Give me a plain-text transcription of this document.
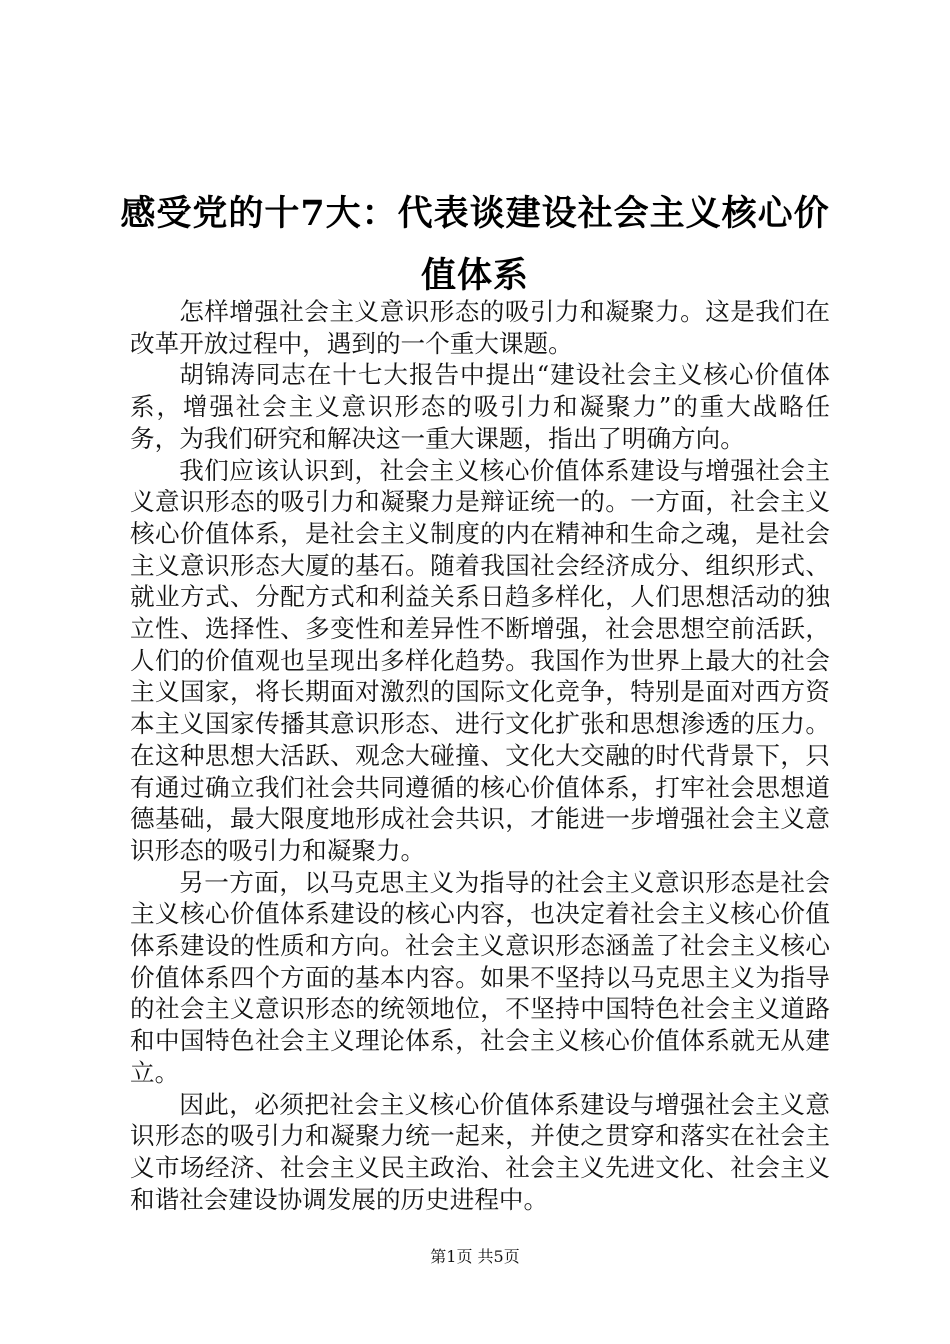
感受党的十7大：代表谈建设社会主义核心价值体系

怎样增强社会主义意识形态的吸引力和凝聚力。这是我们在改革开放过程中，遇到的一个重大课题。

胡锦涛同志在十七大报告中提出“建设社会主义核心价值体系，增强社会主义意识形态的吸引力和凝聚力”的重大战略任务，为我们研究和解决这一重大课题，指出了明确方向。

我们应该认识到，社会主义核心价值体系建设与增强社会主义意识形态的吸引力和凝聚力是辩证统一的。一方面，社会主义核心价值体系，是社会主义制度的内在精神和生命之魂，是社会主义意识形态大厦的基石。随着我国社会经济成分、组织形式、就业方式、分配方式和利益关系日趋多样化，人们思想活动的独立性、选择性、多变性和差异性不断增强，社会思想空前活跃，人们的价值观也呈现出多样化趋势。我国作为世界上最大的社会主义国家，将长期面对激烈的国际文化竞争，特别是面对西方资本主义国家传播其意识形态、进行文化扩张和思想渗透的压力。在这种思想大活跃、观念大碰撞、文化大交融的时代背景下，只有通过确立我们社会共同遵循的核心价值体系，打牢社会思想道德基础，最大限度地形成社会共识，才能进一步增强社会主义意识形态的吸引力和凝聚力。

另一方面，以马克思主义为指导的社会主义意识形态是社会主义核心价值体系建设的核心内容，也决定着社会主义核心价值体系建设的性质和方向。社会主义意识形态涵盖了社会主义核心价值体系四个方面的基本内容。如果不坚持以马克思主义为指导的社会主义意识形态的统领地位，不坚持中国特色社会主义道路和中国特色社会主义理论体系，社会主义核心价值体系就无从建立。

因此，必须把社会主义核心价值体系建设与增强社会主义意识形态的吸引力和凝聚力统一起来，并使之贯穿和落实在社会主义市场经济、社会主义民主政治、社会主义先进文化、社会主义和谐社会建设协调发展的历史进程中。

第1页 共5页
